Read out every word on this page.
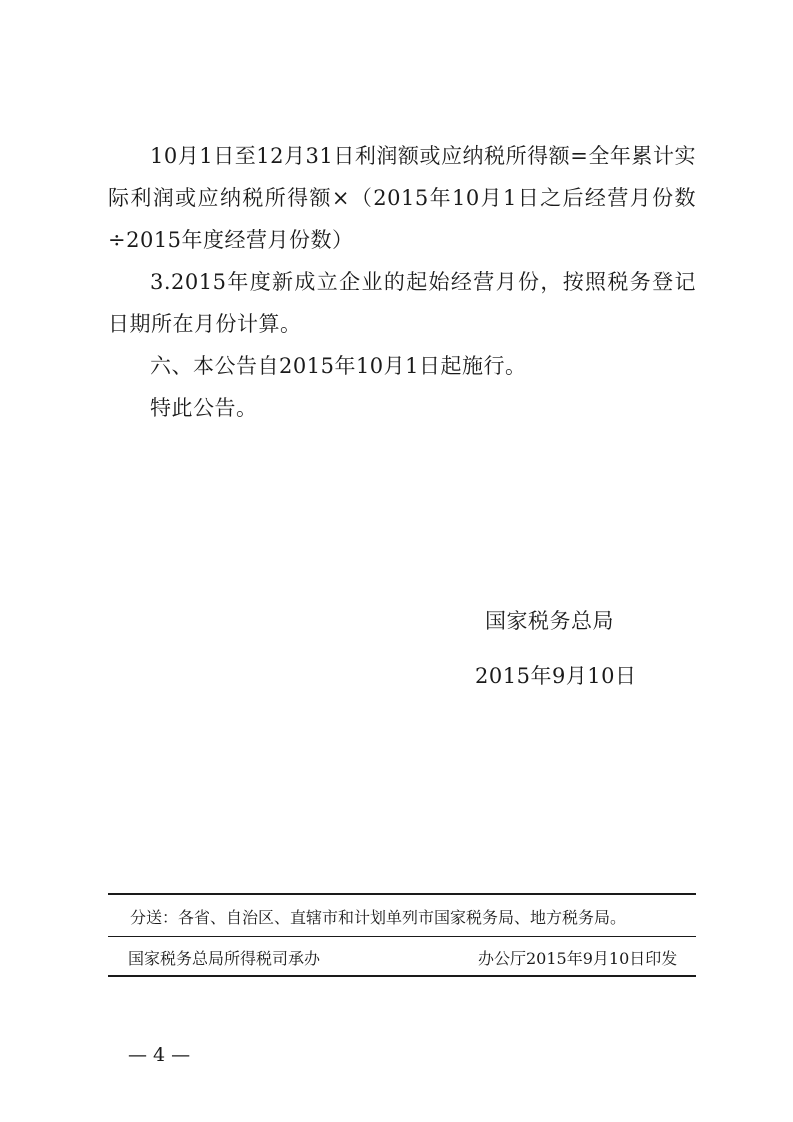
10月1日至12月31日利润额或应纳税所得额=全年累计实际利润或应纳税所得额×（2015年10月1日之后经营月份数÷2015年度经营月份数）

3.2015年度新成立企业的起始经营月份，按照税务登记日期所在月份计算。

六、本公告自2015年10月1日起施行。

特此公告。

国家税务总局
2015年9月10日
分送：各省、自治区、直辖市和计划单列市国家税务局、地方税务局。
国家税务总局所得税司承办	办公厅2015年9月10日印发
— 4 —
